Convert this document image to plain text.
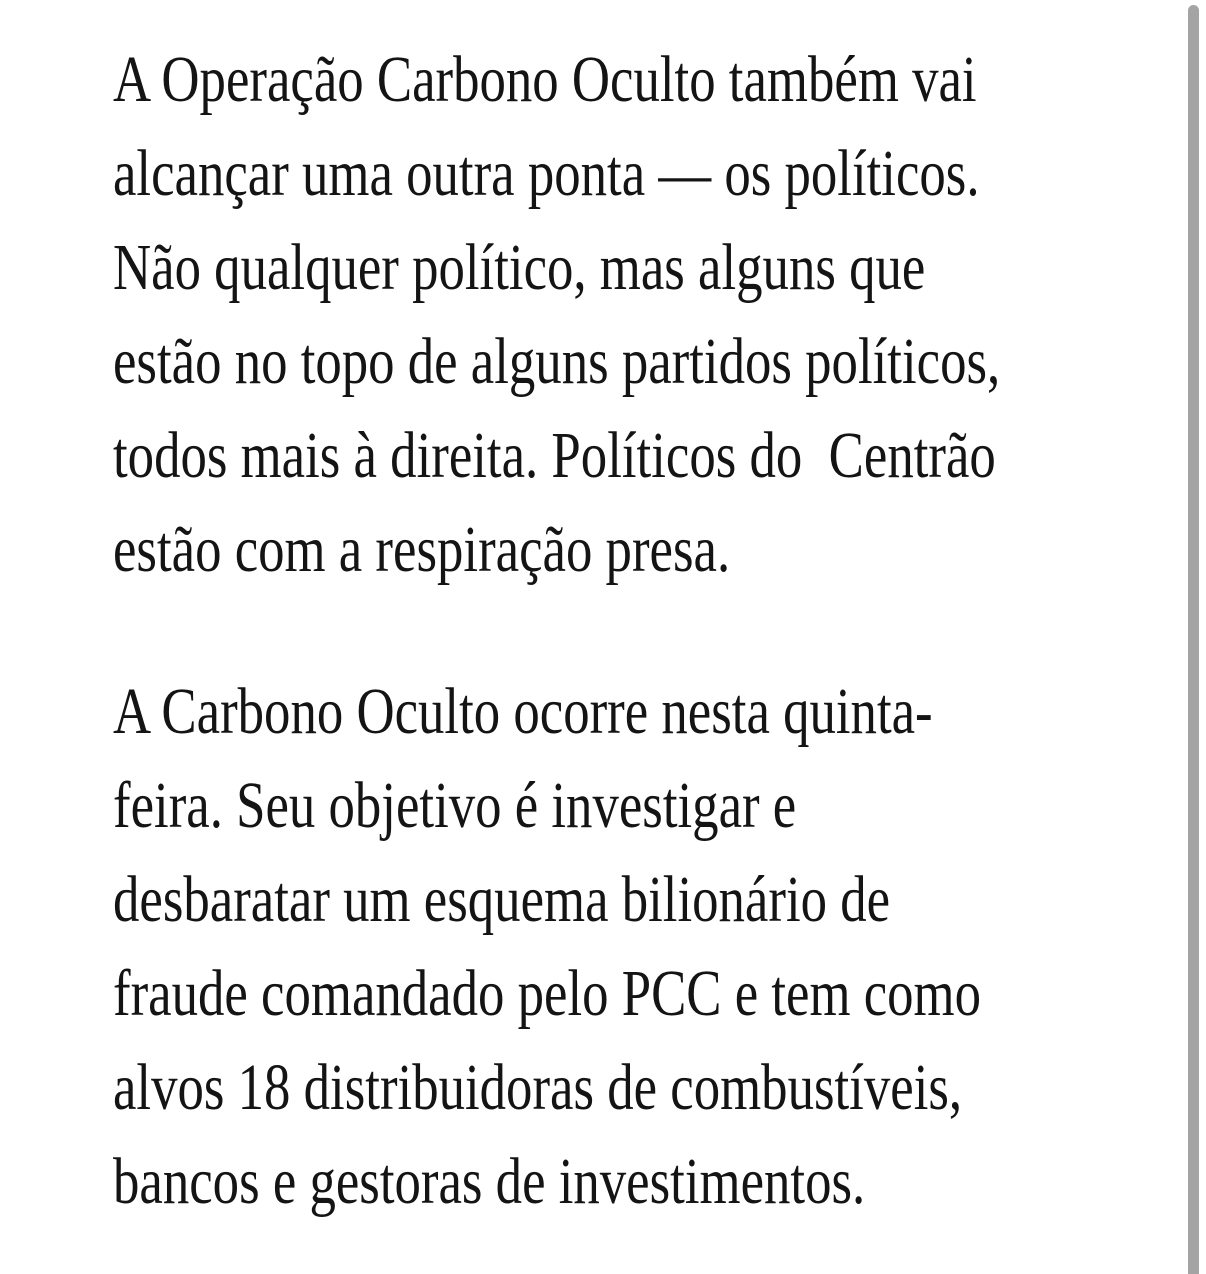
A Operação Carbono Oculto também vai
alcançar uma outra ponta — os políticos.
Não qualquer político, mas alguns que
estão no topo de alguns partidos políticos,
todos mais à direita. Políticos do  Centrão
estão com a respiração presa.
A Carbono Oculto ocorre nesta quinta-
feira. Seu objetivo é investigar e
desbaratar um esquema bilionário de
fraude comandado pelo PCC e tem como
alvos 18 distribuidoras de combustíveis,
bancos e gestoras de investimentos.
